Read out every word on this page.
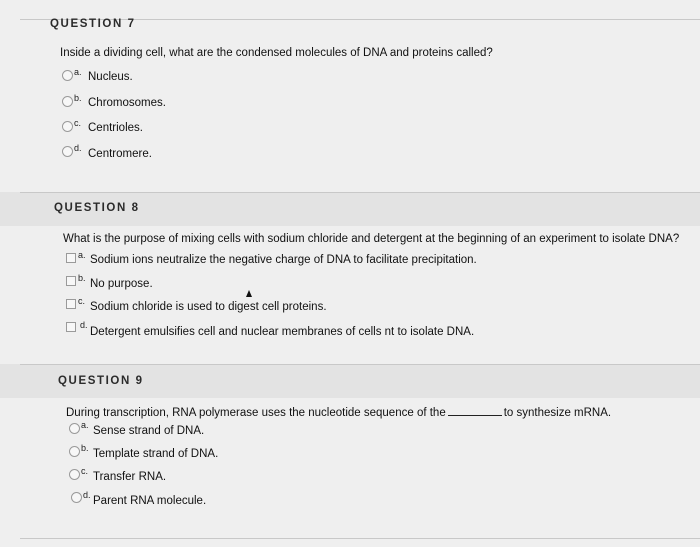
QUESTION 7
Inside a dividing cell, what are the condensed molecules of DNA and proteins called?
a. Nucleus.
b. Chromosomes.
c. Centrioles.
d. Centromere.
QUESTION 8
What is the purpose of mixing cells with sodium chloride and detergent at the beginning of an experiment to isolate DNA?
a. Sodium ions neutralize the negative charge of DNA to facilitate precipitation.
b. No purpose.
c. Sodium chloride is used to digest cell proteins.
d.
Detergent emulsifies cell and nuclear membranes of cells nt to isolate DNA.
QUESTION 9
During transcription, RNA polymerase uses the nucleotide sequence of the	to synthesize mRNA.
a. Sense strand of DNA.
b. Template strand of DNA.
c. Transfer RNA.
d. Parent RNA molecule.
